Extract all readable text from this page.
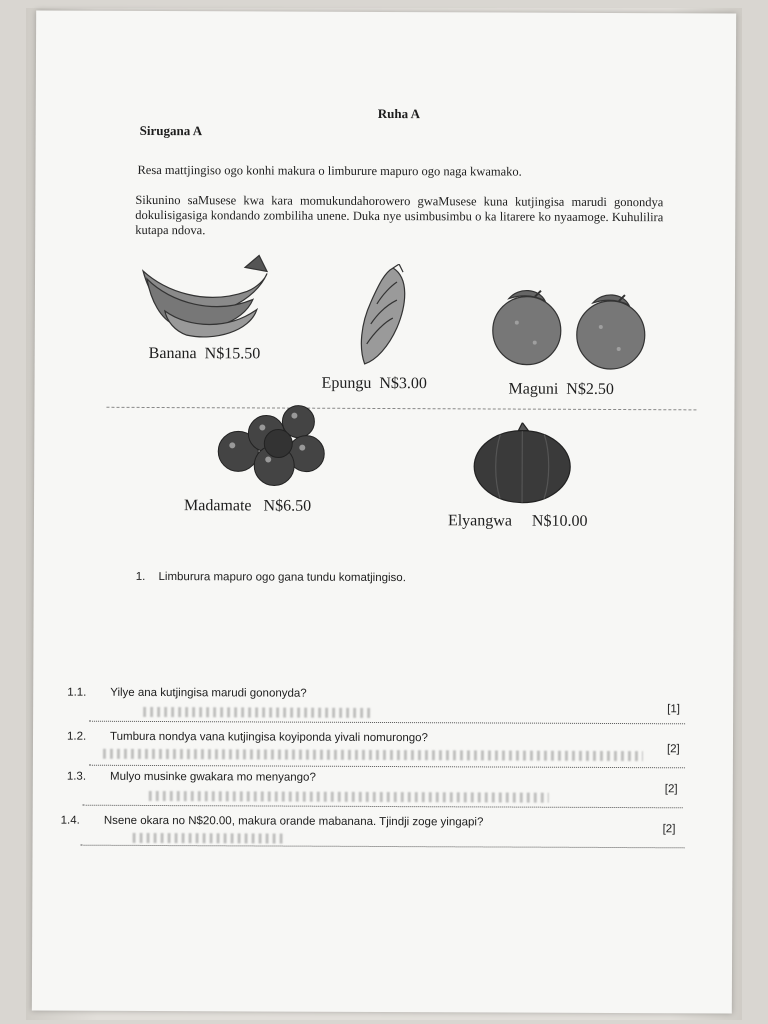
Ruha A
Sirugana A
Resa mattjingiso ogo konhi makura o limburure mapuro ogo naga kwamako.
Sikunino saMusese kwa kara momukundahorowero gwaMusese kuna kutjingisa marudi gonondya dokulisigasiga kondando zombiliha unene. Duka nye usimbusimbu o ka litarere ko nyaamoge. Kuhulilira kutapa ndova.
Banana N$15.50
Epungu N$3.00	Maguni N$2.50
Madamate N$6.50
Elyangwa N$10.00
1. Limburura mapuro ogo gana tundu komatjingiso.
1.1. Yilye ana kutjingisa marudi gononyda?
[1]
1.2. Tumbura nondya vana kutjingisa koyiponda yivali nomurongo?
[2]
1.3. Mulyo musinke gwakara mo menyango?
[2]
1.4. Nsene okara no N$20.00, makura orande mabanana. Tjindji zoge yingapi?
[2]
